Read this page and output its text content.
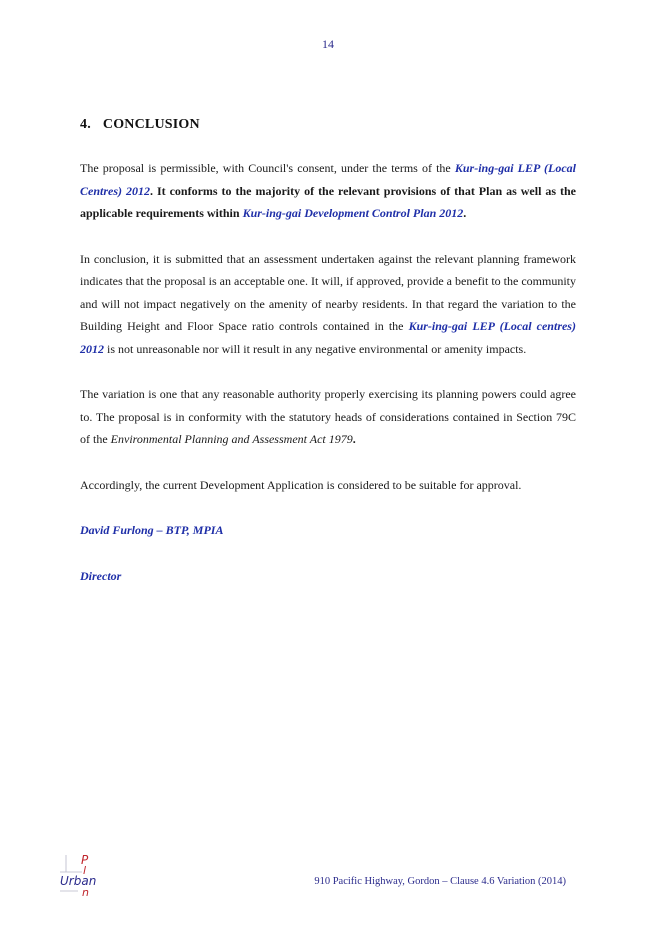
14
4. CONCLUSION

The proposal is permissible, with Council's consent, under the terms of the Kur-ing-gai LEP (Local Centres) 2012. It conforms to the majority of the relevant provisions of that Plan as well as the applicable requirements within Kur-ing-gai Development Control Plan 2012.

In conclusion, it is submitted that an assessment undertaken against the relevant planning framework indicates that the proposal is an acceptable one. It will, if approved, provide a benefit to the community and will not impact negatively on the amenity of nearby residents. In that regard the variation to the Building Height and Floor Space ratio controls contained in the Kur-ing-gai LEP (Local centres) 2012 is not unreasonable nor will it result in any negative environmental or amenity impacts.

The variation is one that any reasonable authority properly exercising its planning powers could agree to. The proposal is in conformity with the statutory heads of considerations contained in Section 79C of the Environmental Planning and Assessment Act 1979.

Accordingly, the current Development Application is considered to be suitable for approval.

David Furlong – BTP, MPIA
Director
P
l
Urban
n
910 Pacific Highway, Gordon – Clause 4.6 Variation (2014)
